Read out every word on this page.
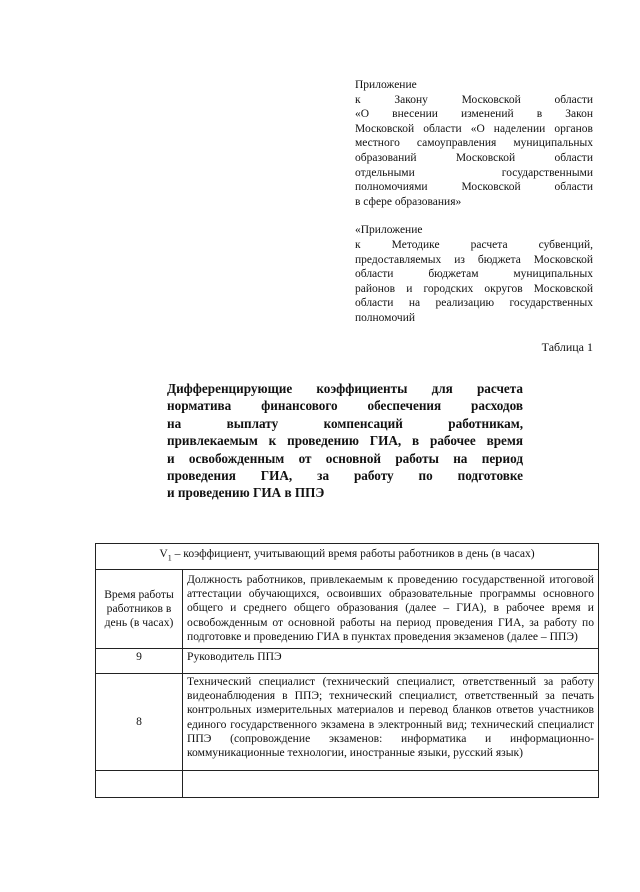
Приложение

к Закону Московской области

«О внесении изменений в Закон

Московской области «О наделении органов

местного самоуправления муниципальных

образований Московской области

отдельными государственными

полномочиями Московской области

в сфере образования»

«Приложение

к Методике расчета субвенций,

предоставляемых из бюджета Московской

области бюджетам муниципальных

районов и городских округов Московской

области на реализацию государственных

полномочий

Таблица 1
Дифференцирующие коэффициенты для расчета
норматива финансового обеспечения расходов
на выплату компенсаций работникам,
привлекаемым к проведению ГИА, в рабочее время
и освобожденным от основной работы на период
проведения ГИА, за работу по подготовке
и проведению ГИА в ППЭ
$V_1$ – коэффициент, учитывающий время работы работников в день (в часах)	
Время работы работников в день (в часах)	Должность работников, привлекаемым к проведению государственной итоговой аттестации обучающихся, освоивших образовательные программы основного общего и среднего общего образования (далее – ГИА), в рабочее время и освобожденным от основной работы на период проведения ГИА, за работу по подготовке и проведению ГИА в пунктах проведения экзаменов (далее – ППЭ)
9	Руководитель ППЭ
8	Технический специалист (технический специалист, ответственный за работу видеонаблюдения в ППЭ; технический специалист, ответственный за печать контрольных измерительных материалов и перевод бланков ответов участников единого государственного экзамена в электронный вид; технический специалист ППЭ (сопровождение экзаменов: информатика и информационно-коммуникационные технологии, иностранные языки, русский язык)
